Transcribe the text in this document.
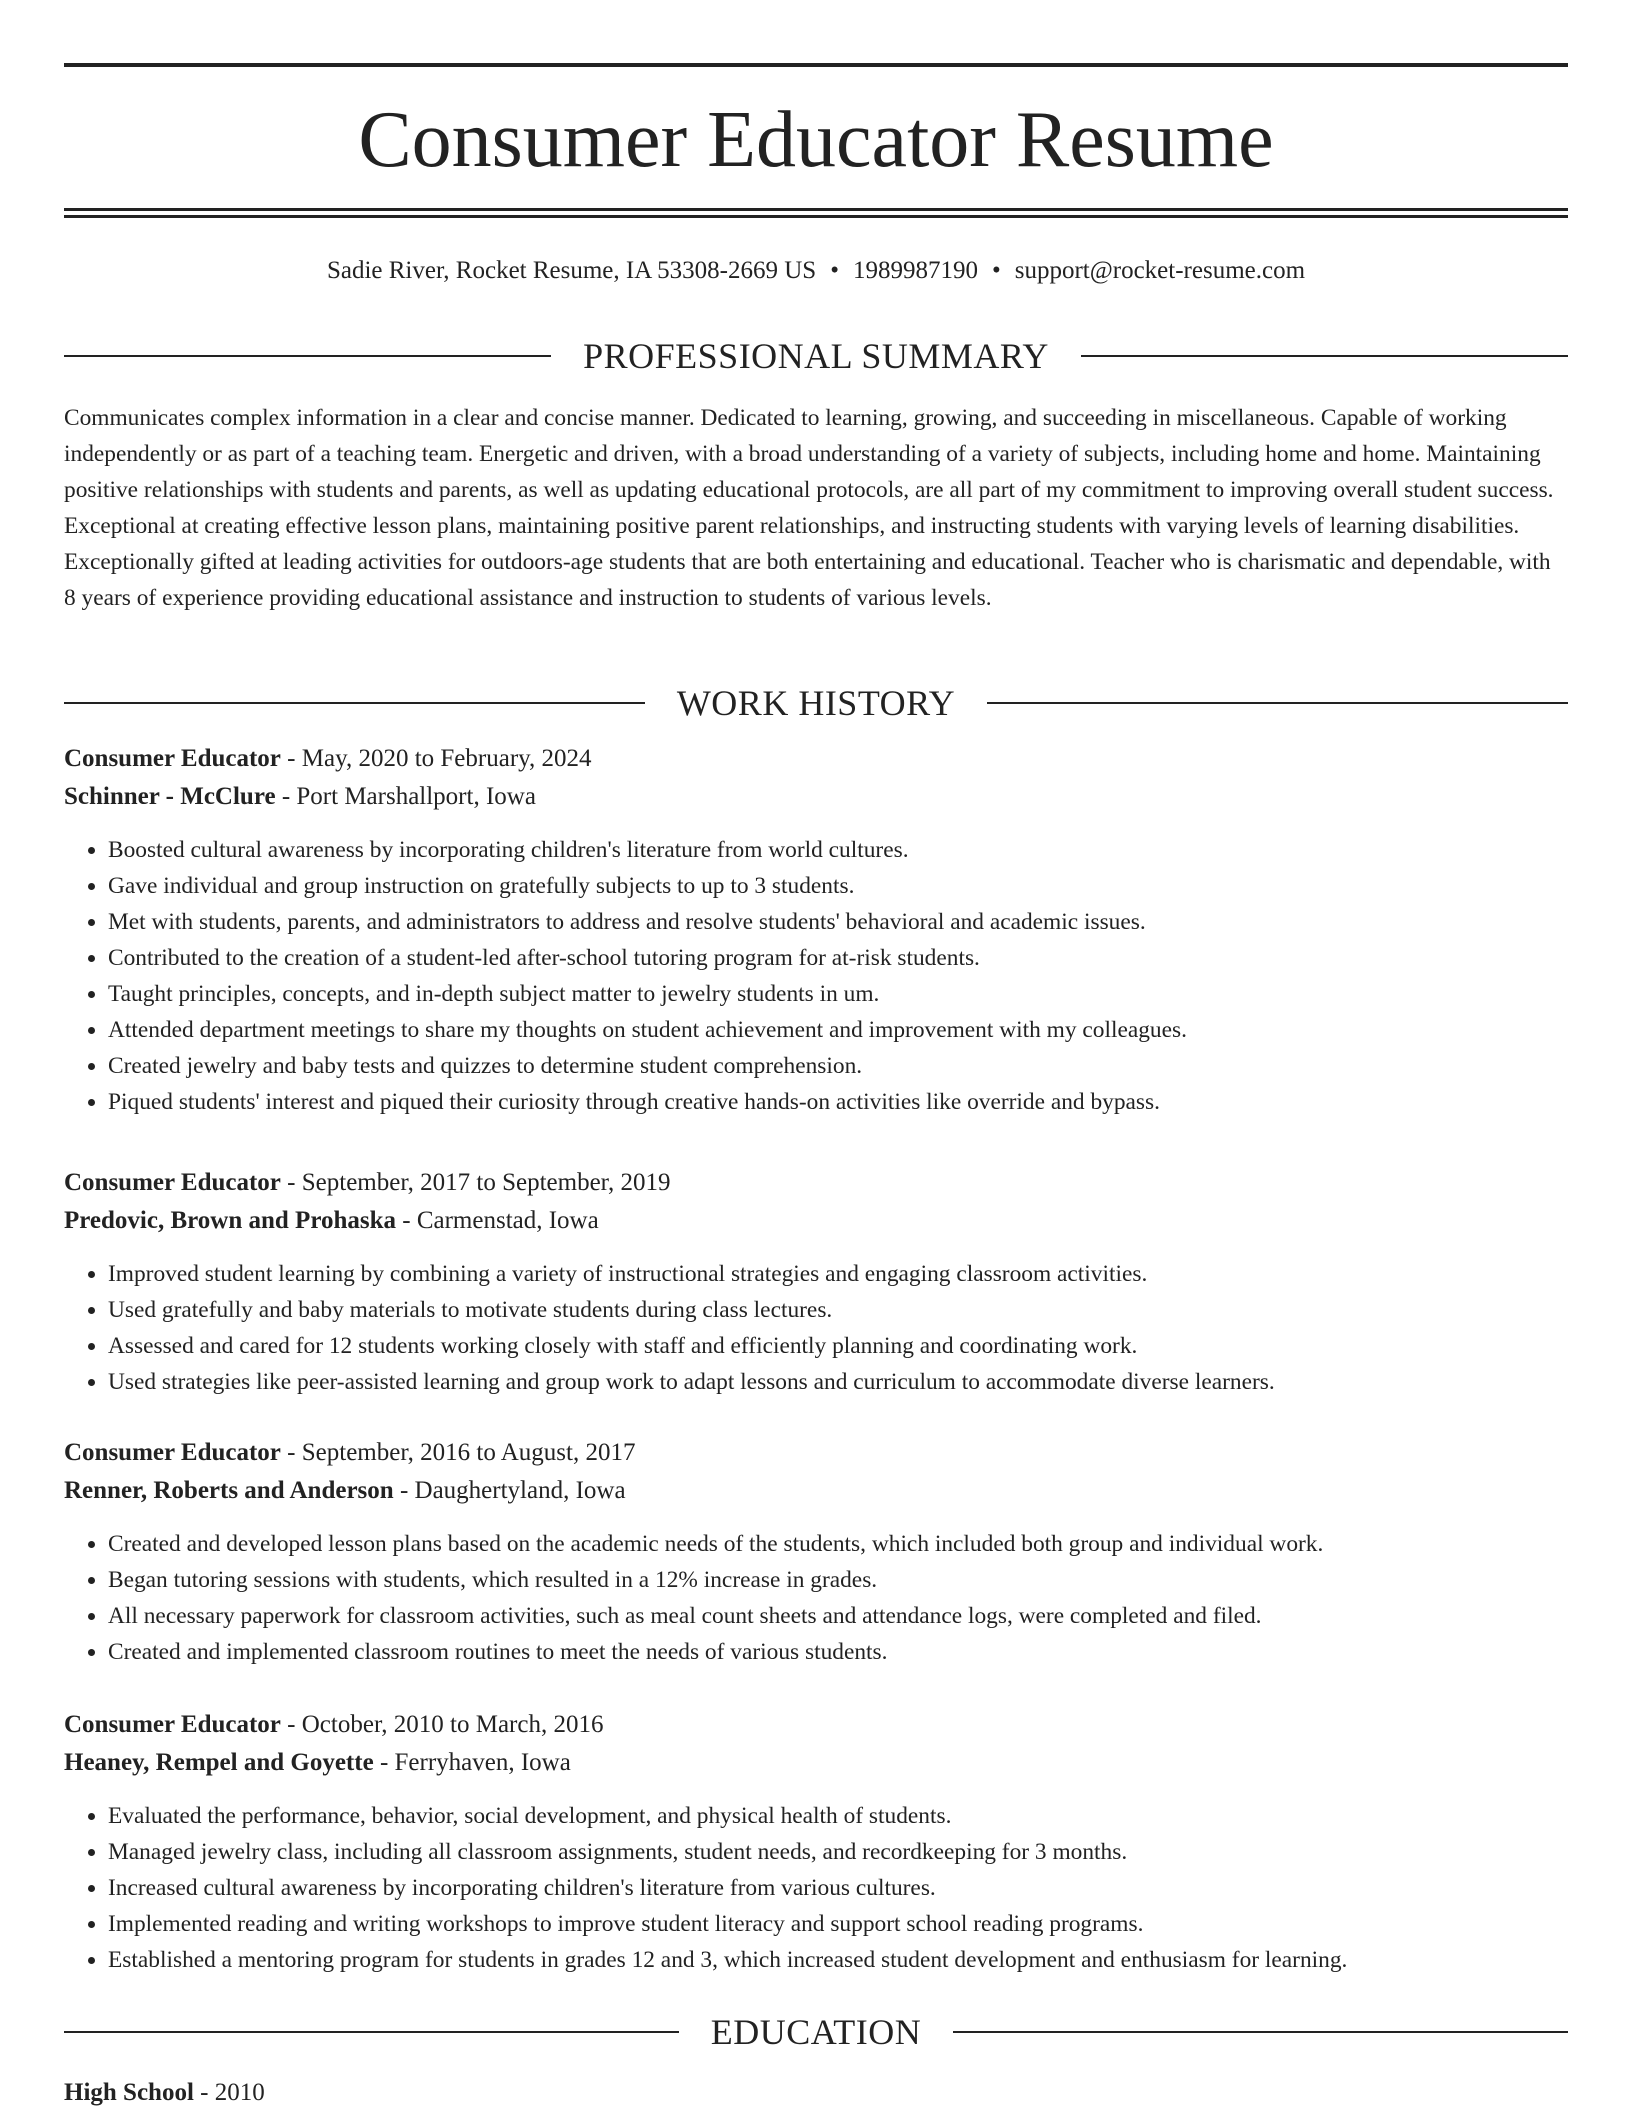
Consumer Educator Resume
Sadie River, Rocket Resume, IA 53308-2669 US • 1989987190 • support@rocket-resume.com
PROFESSIONAL SUMMARY

Communicates complex information in a clear and concise manner. Dedicated to learning, growing, and succeeding in miscellaneous. Capable of working independently or as part of a teaching team. Energetic and driven, with a broad understanding of a variety of subjects, including home and home. Maintaining positive relationships with students and parents, as well as updating educational protocols, are all part of my commitment to improving overall student success. Exceptional at creating effective lesson plans, maintaining positive parent relationships, and instructing students with varying levels of learning disabilities. Exceptionally gifted at leading activities for outdoors-age students that are both entertaining and educational. Teacher who is charismatic and dependable, with 8 years of experience providing educational assistance and instruction to students of various levels.

WORK HISTORY

Consumer Educator - May, 2020 to February, 2024

Schinner - McClure - Port Marshallport, Iowa

• Boosted cultural awareness by incorporating children's literature from world cultures.
• Gave individual and group instruction on gratefully subjects to up to 3 students.
• Met with students, parents, and administrators to address and resolve students' behavioral and academic issues.
• Contributed to the creation of a student-led after-school tutoring program for at-risk students.
• Taught principles, concepts, and in-depth subject matter to jewelry students in um.
• Attended department meetings to share my thoughts on student achievement and improvement with my colleagues.
• Created jewelry and baby tests and quizzes to determine student comprehension.
• Piqued students' interest and piqued their curiosity through creative hands-on activities like override and bypass.

Consumer Educator - September, 2017 to September, 2019

Predovic, Brown and Prohaska - Carmenstad, Iowa

• Improved student learning by combining a variety of instructional strategies and engaging classroom activities.
• Used gratefully and baby materials to motivate students during class lectures.
• Assessed and cared for 12 students working closely with staff and efficiently planning and coordinating work.
• Used strategies like peer-assisted learning and group work to adapt lessons and curriculum to accommodate diverse learners.

Consumer Educator - September, 2016 to August, 2017

Renner, Roberts and Anderson - Daughertyland, Iowa

• Created and developed lesson plans based on the academic needs of the students, which included both group and individual work.
• Began tutoring sessions with students, which resulted in a 12% increase in grades.
• All necessary paperwork for classroom activities, such as meal count sheets and attendance logs, were completed and filed.
• Created and implemented classroom routines to meet the needs of various students.

Consumer Educator - October, 2010 to March, 2016

Heaney, Rempel and Goyette - Ferryhaven, Iowa

• Evaluated the performance, behavior, social development, and physical health of students.
• Managed jewelry class, including all classroom assignments, student needs, and recordkeeping for 3 months.
• Increased cultural awareness by incorporating children's literature from various cultures.
• Implemented reading and writing workshops to improve student literacy and support school reading programs.
• Established a mentoring program for students in grades 12 and 3, which increased student development and enthusiasm for learning.
EDUCATION

High School - 2010
